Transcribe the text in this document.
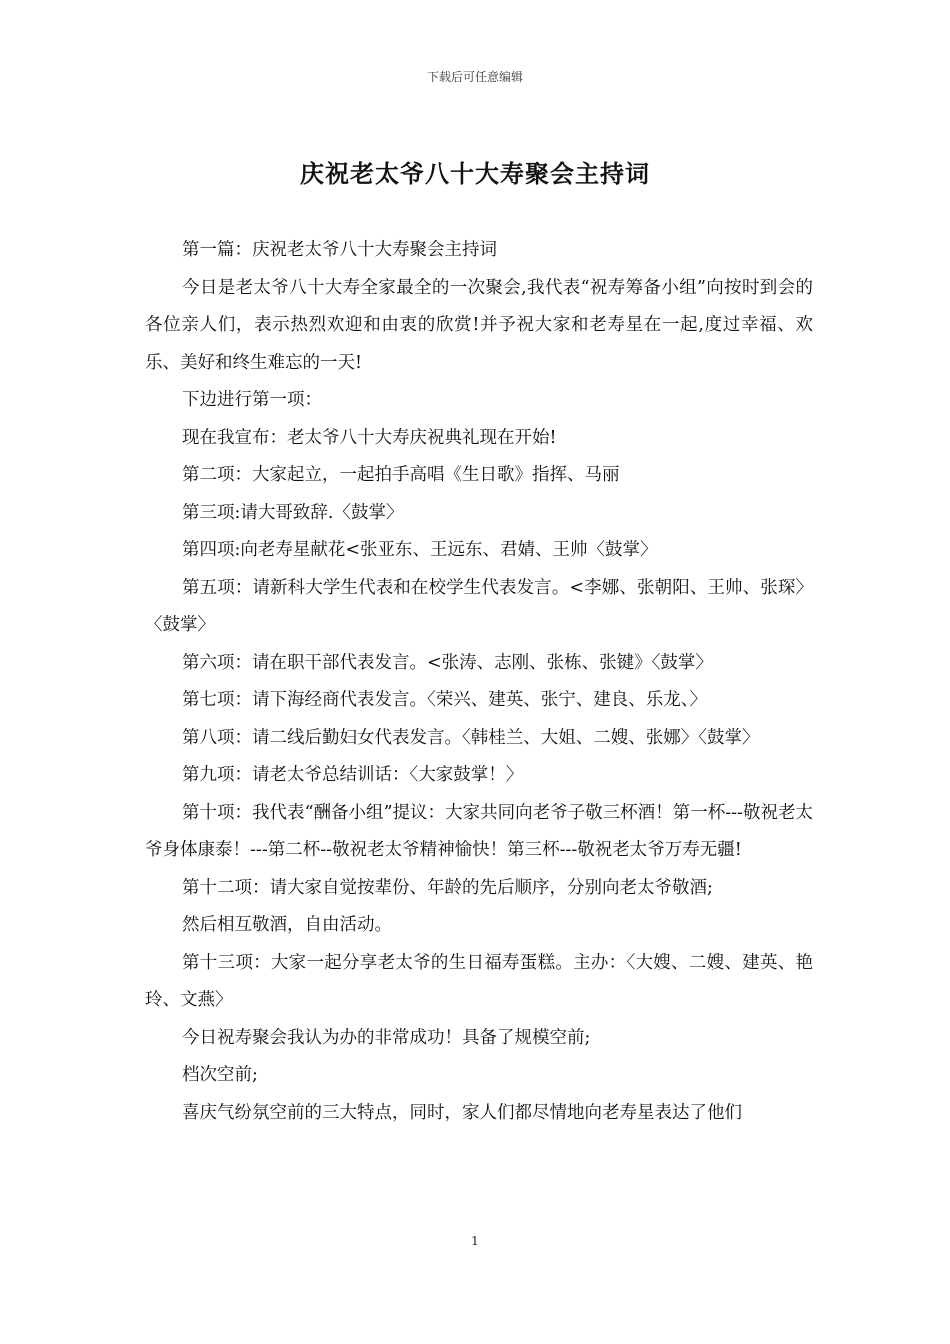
下载后可任意编辑
庆祝老太爷八十大寿聚会主持词

第一篇：庆祝老太爷八十大寿聚会主持词

今日是老太爷八十大寿全家最全的一次聚会,我代表“祝寿筹备小组”向按时到会的各位亲人们，表示热烈欢迎和由衷的欣赏!并予祝大家和老寿星在一起,度过幸福、欢乐、美好和终生难忘的一天!

下边进行第一项：

现在我宣布：老太爷八十大寿庆祝典礼现在开始!

第二项：大家起立，一起拍手高唱《生日歌》指挥、马丽

第三项:请大哥致辞.〈鼓掌〉

第四项:向老寿星献花<张亚东、王远东、君婧、王帅〈鼓掌〉

第五项：请新科大学生代表和在校学生代表发言。<李娜、张朝阳、王帅、张琛〉〈鼓掌〉

第六项：请在职干部代表发言。<张涛、志刚、张栋、张键》〈鼓掌〉

第七项：请下海经商代表发言。〈荣兴、建英、张宁、建良、乐龙、〉

第八项：请二线后勤妇女代表发言。〈韩桂兰、大姐、二嫂、张娜〉〈鼓掌〉

第九项：请老太爷总结训话：〈大家鼓掌！〉

第十项：我代表“酬备小组”提议：大家共同向老爷子敬三杯酒！第一杯---敬祝老太爷身体康泰！---第二杯--敬祝老太爷精神愉快！第三杯---敬祝老太爷万寿无疆!

第十二项：请大家自觉按辈份、年龄的先后顺序，分别向老太爷敬酒;

然后相互敬酒，自由活动。

第十三项：大家一起分享老太爷的生日福寿蛋糕。主办：〈大嫂、二嫂、建英、艳玲、文燕〉

今日祝寿聚会我认为办的非常成功！具备了规模空前;

档次空前;

喜庆气纷氛空前的三大特点，同时，家人们都尽情地向老寿星表达了他们

1
